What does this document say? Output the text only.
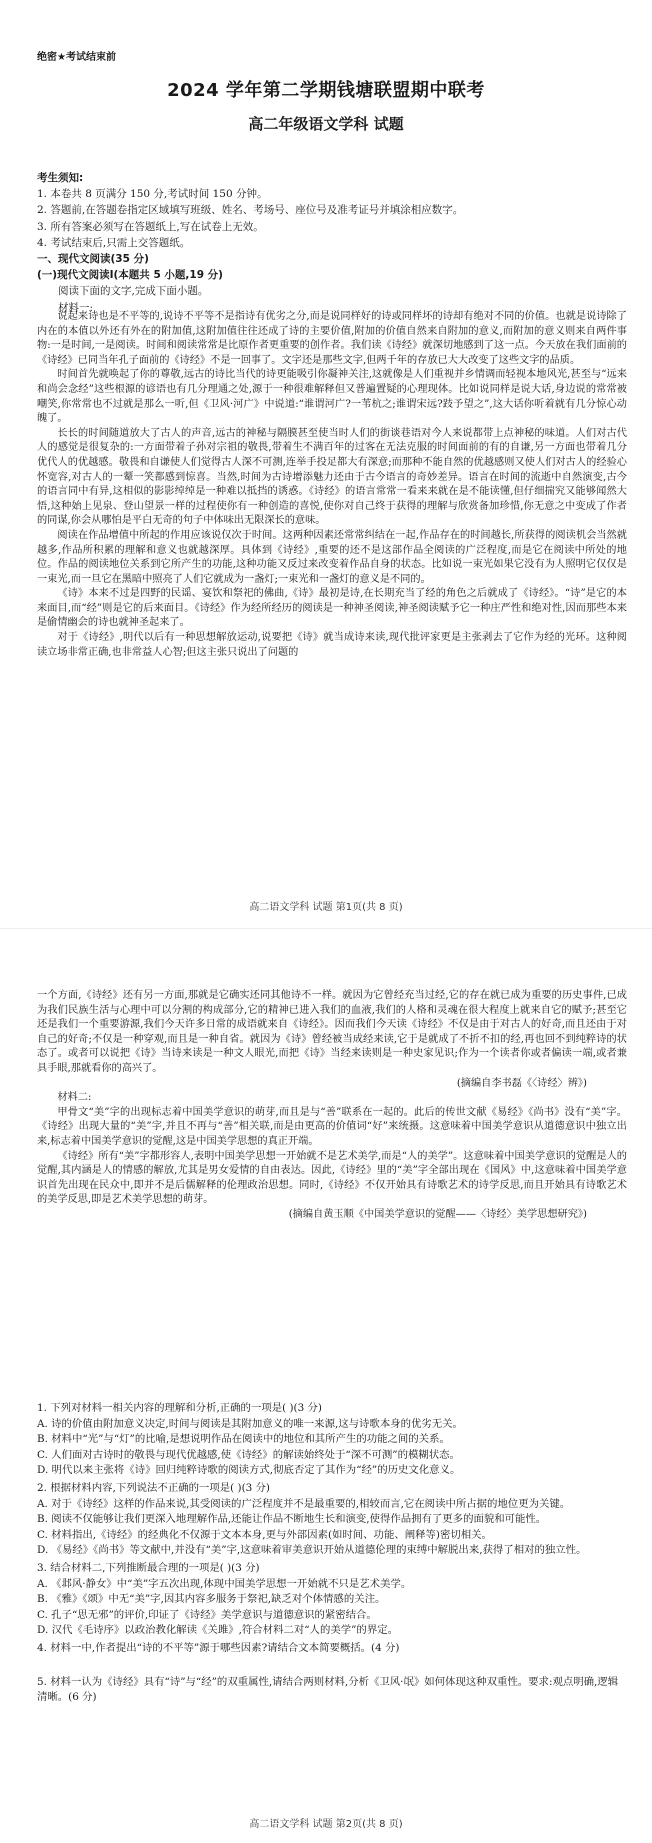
绝密★考试结束前
2024 学年第二学期钱塘联盟期中联考
高二年级语文学科 试题

考生须知:

1. 本卷共 8 页满分 150 分,考试时间 150 分钟。

2. 答题前,在答题卷指定区域填写班级、姓名、考场号、座位号及准考证号并填涂相应数字。

3. 所有答案必须写在答题纸上,写在试卷上无效。

4. 考试结束后,只需上交答题纸。

一、现代文阅读(35 分)

(一)现代文阅读Ⅰ(本题共 5 小题,19 分)

阅读下面的文字,完成下面小题。

材料一:

说起来诗也是不平等的,说诗不平等不是指诗有优劣之分,而是说同样好的诗或同样坏的诗却有绝对不同的价值。也就是说诗除了内在的本值以外还有外在的附加值,这附加值往往还成了诗的主要价值,附加的价值自然来自附加的意义,而附加的意义则来自两件事物:一是时间,一是阅读。时间和阅读常常是比原作者更重要的创作者。我们读《诗经》就深切地感到了这一点。今天放在我们面前的《诗经》已同当年孔子面前的《诗经》不是一回事了。文字还是那些文字,但两千年的存放已大大改变了这些文字的品质。

时间首先就唤起了你的尊敬,远古的诗比当代的诗更能吸引你凝神关注,这就像是人们重视并乡情调而轻视本地风光,甚至与“远来和尚会念经”这些根源的谚语也有几分理通之处,源于一种很难解释但又普遍置疑的心理现体。比如说同样是说大话,身边说的常常被嘲笑,你常常也不过就是那么一听,但《卫风·河广》中说道:“谁谓河广?一苇杭之;谁谓宋远?跂予望之”,这大话你听着就有几分惊心动魄了。

长长的时间随道放大了古人的声音,远古的神秘与隔膜甚至使当时人们的街谈巷语对今人来说都带上点神秘的味道。人们对古代人的感觉是很复杂的:一方面带着子孙对宗祖的敬畏,带着生不满百年的过客在无法克服的时间面前的有的自谦,另一方面也带着几分优代人的优越感。敬畏和自谦使人们觉得古人深不可测,连举手投足都大有深意;而那种不能自然的优越感则又使人们对古人的经验心怀宽容,对古人的一颦一笑都感到惊喜。当然,时间为古诗增添魅力还由于古今语言的奇妙差异。语言在时间的流逝中自然演变,古今的语言同中有异,这相似的影影绰绰是一种难以抵挡的诱惑。《诗经》的语言常常一看来来就在是不能读懂,但仔细揣究又能够闻然大悟,这种始上见泉、登山望景一样的过程使你有一种创造的喜悦,使你对自己终于获得的理解与欣赏备加珍惜,你无意之中变成了作者的同谋,你会从哪怕是平白无奇的句子中体味出无限深长的意味。

阅读在作品增值中所起的作用应该说仅次于时间。这两种因素还常常纠结在一起,作品存在的时间越长,所获得的阅读机会当然就越多,作品所积累的理解和意义也就越深厚。具体到《诗经》,重要的还不是这部作品全阅读的广泛程度,而是它在阅读中所处的地位。作品的阅读地位关系到它所产生的功能,这种功能又反过来改变着作品自身的状态。比如说一束光如果它没有为人照明它仅仅是一束光,而一旦它在黑暗中照亮了人们它就成为一盏灯;一束光和一盏灯的意义是不同的。

《诗》本来不过是四野的民谣、宴饮和祭祀的佛曲,《诗》最初是诗,在长期充当了经的角色之后就成了《诗经》。“诗”是它的本来面目,而“经”则是它的后来面目。《诗经》作为经所经历的阅读是一种神圣阅读,神圣阅读赋予它一种庄严性和绝对性,因而那些本来是偷情幽会的诗也就神圣起来了。

对于《诗经》,明代以后有一种思想解放运动,说要把《诗》就当成诗来读,现代批评家更是主张剥去了它作为经的光环。这种阅读立场非常正确,也非常益人心智;但这主张只说出了问题的

高二语文学科 试题 第1页(共 8 页)

一个方面,《诗经》还有另一方面,那就是它确实还同其他诗不一样。就因为它曾经充当过经,它的存在就已成为重要的历史事件,已成为我们民族生活与心理中可以分割的构成部分,它的精神已进入我们的血液,我们的人格和灵魂在很大程度上就来自它的赋予;甚至它还是我们一个重要游源,我们今天许多日常的成语就来自《诗经》。因而我们今天读《诗经》不仅是由于对古人的好奇,而且还由于对自己的好奇;不仅是一种穿观,而且是一种自省。就因为《诗》曾经被当成经来读,它于是就成了不折不扣的经,再也回不到纯粹诗的状态了。或者可以说把《诗》当诗来读是一种文人眼光,而把《诗》当经来读则是一种史家见识;作为一个读者你或者偏读一端,或者兼具手眼,那就看你的高兴了。

(摘编自李书磊《〈诗经〉辨》)

材料二:

甲骨文“美”字的出现标志着中国美学意识的萌芽,而且是与“善”联系在一起的。此后的传世文献《易经》《尚书》没有“美”字。《诗经》出现大量的“美”字,并且不再与“善”相关联,而是由更高的价值词“好”来统摄。这意味着中国美学意识从道德意识中独立出来,标志着中国美学意识的觉醒,这是中国美学思想的真正开端。

《诗经》所有“美”字都形容人,表明中国美学思想一开始就不是艺术美学,而是“人的美学”。这意味着中国美学意识的觉醒是人的觉醒,其内涵是人的情感的解放,尤其是男女爱情的自由表达。因此,《诗经》里的“美”字全部出现在《国风》中,这意味着中国美学意识首先出现在民众中,即并不是后儒解释的伦理政治思想。同时,《诗经》不仅开始具有诗歌艺术的诗学反思,而且开始具有诗歌艺术的美学反思,即是艺术美学思想的萌芽。

(摘编自黄玉顺《中国美学意识的觉醒——〈诗经〉美学思想研究》)

1. 下列对材料一相关内容的理解和分析,正确的一项是( )(3 分)

A. 诗的价值由附加意义决定,时间与阅读是其附加意义的唯一来源,这与诗歌本身的优劣无关。

B. 材料中“光”与“灯”的比喻,是想说明作品在阅读中的地位和其所产生的功能之间的关系。

C. 人们面对古诗时的敬畏与现代优越感,使《诗经》的解读始终处于“深不可测”的模糊状态。

D. 明代以来主张将《诗》回归纯粹诗歌的阅读方式,彻底否定了其作为“经”的历史文化意义。

2. 根据材料内容,下列说法不正确的一项是( )(3 分)

A. 对于《诗经》这样的作品来说,其受阅读的广泛程度并不是最重要的,相较而言,它在阅读中所占据的地位更为关键。

B. 阅读不仅能够让我们更深入地理解作品,还能让作品不断地生长和演变,使得作品拥有了更多的面貌和可能性。

C. 材料指出,《诗经》的经典化不仅源于文本本身,更与外部因素(如时间、功能、阐释等)密切相关。

D. 《易经》《尚书》等文献中,并没有“美”字,这意味着审美意识开始从道德伦理的束缚中解脱出来,获得了相对的独立性。

3. 结合材料二,下列推断最合理的一项是( )(3 分)

A. 《邶风·静女》中“美”字五次出现,体现中国美学思想一开始就不只是艺术美学。

B. 《雅》《颂》中无“美”字,因其内容多服务于祭祀,缺乏对个体情感的关注。

C. 孔子“思无邪”的评价,印证了《诗经》美学意识与道德意识的紧密结合。

D. 汉代《毛诗序》以政治教化解读《关雎》,符合材料二对“人的美学”的界定。

4. 材料一中,作者提出“诗的不平等”源于哪些因素?请结合文本简要概括。(4 分)

5. 材料一认为《诗经》具有“诗”与“经”的双重属性,请结合两则材料,分析《卫风·氓》如何体现这种双重性。要求:观点明确,逻辑清晰。(6 分)

高二语文学科 试题 第2页(共 8 页)
